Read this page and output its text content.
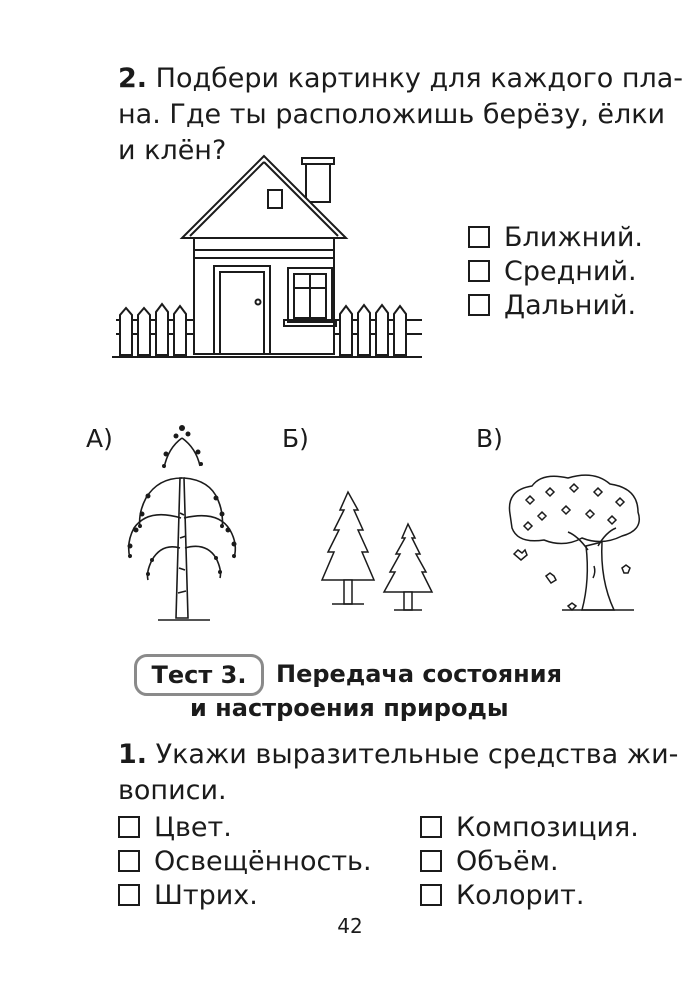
2. Подбери картинку для каждого пла-
на. Где ты расположишь берёзу, ёлки
и клён?
Ближний.
Средний.
Дальний.
А)	Б)	В)
Тест 3.	Передача состояния
и настроения природы
1. Укажи выразительные средства жи-
вописи.
Цвет.
Освещённость.
Штрих.
Композиция.
Объём.
Колорит.
42
